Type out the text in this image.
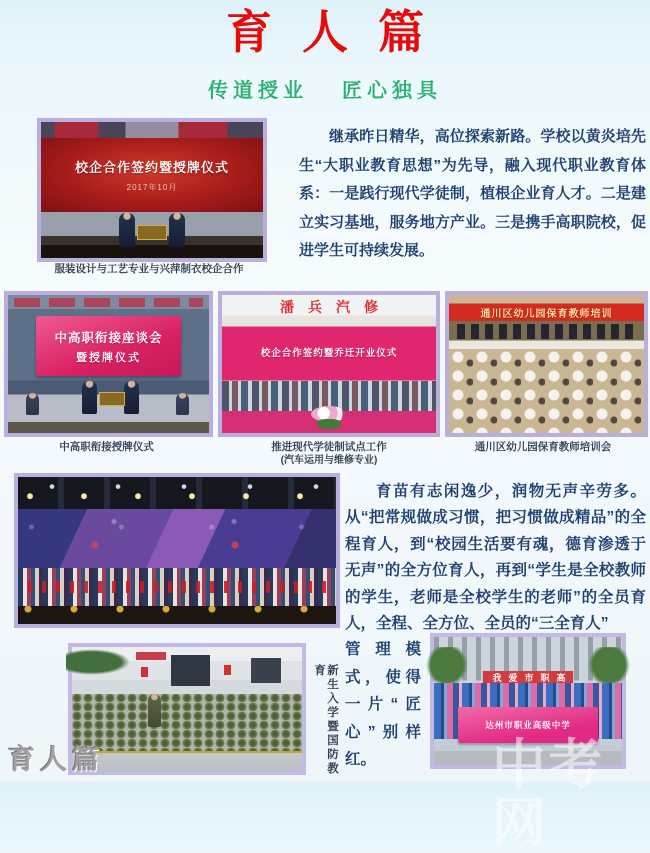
育人篇
传道授业 匠心独具
校企合作签约暨授牌仪式
2017年10月
服装设计与工艺专业与兴萍制衣校企合作

继承昨日精华，高位探索新路。学校以黄炎培先生“大职业教育思想”为先导，融入现代职业教育体系：一是践行现代学徒制，植根企业育人才。二是建立实习基地，服务地方产业。三是携手高职院校，促进学生可持续发展。

中高职衔接座谈会
暨授牌仪式
中高职衔接授牌仪式
潘兵汽修
校企合作签约暨乔迁开业仪式
推进现代学徒制试点工作
(汽车运用与维修专业)
通川区幼儿园保育教师培训
通川区幼儿园保育教师培训会

育苗有志闲逸少，润物无声辛劳多。从“把常规做成习惯，把习惯做成精品”的全程育人，到“校园生活要有魂，德育渗透于无声”的全方位育人，再到“学生是全校教师的学生，老师是全校学生的老师”的全员育人，全程、全方位、全员的“三全育人”

管理模式，使得一片“匠心”别样红。

新生入学暨国防教育	我爱市职高
达州市职业高级中学
育人篇	中考网
